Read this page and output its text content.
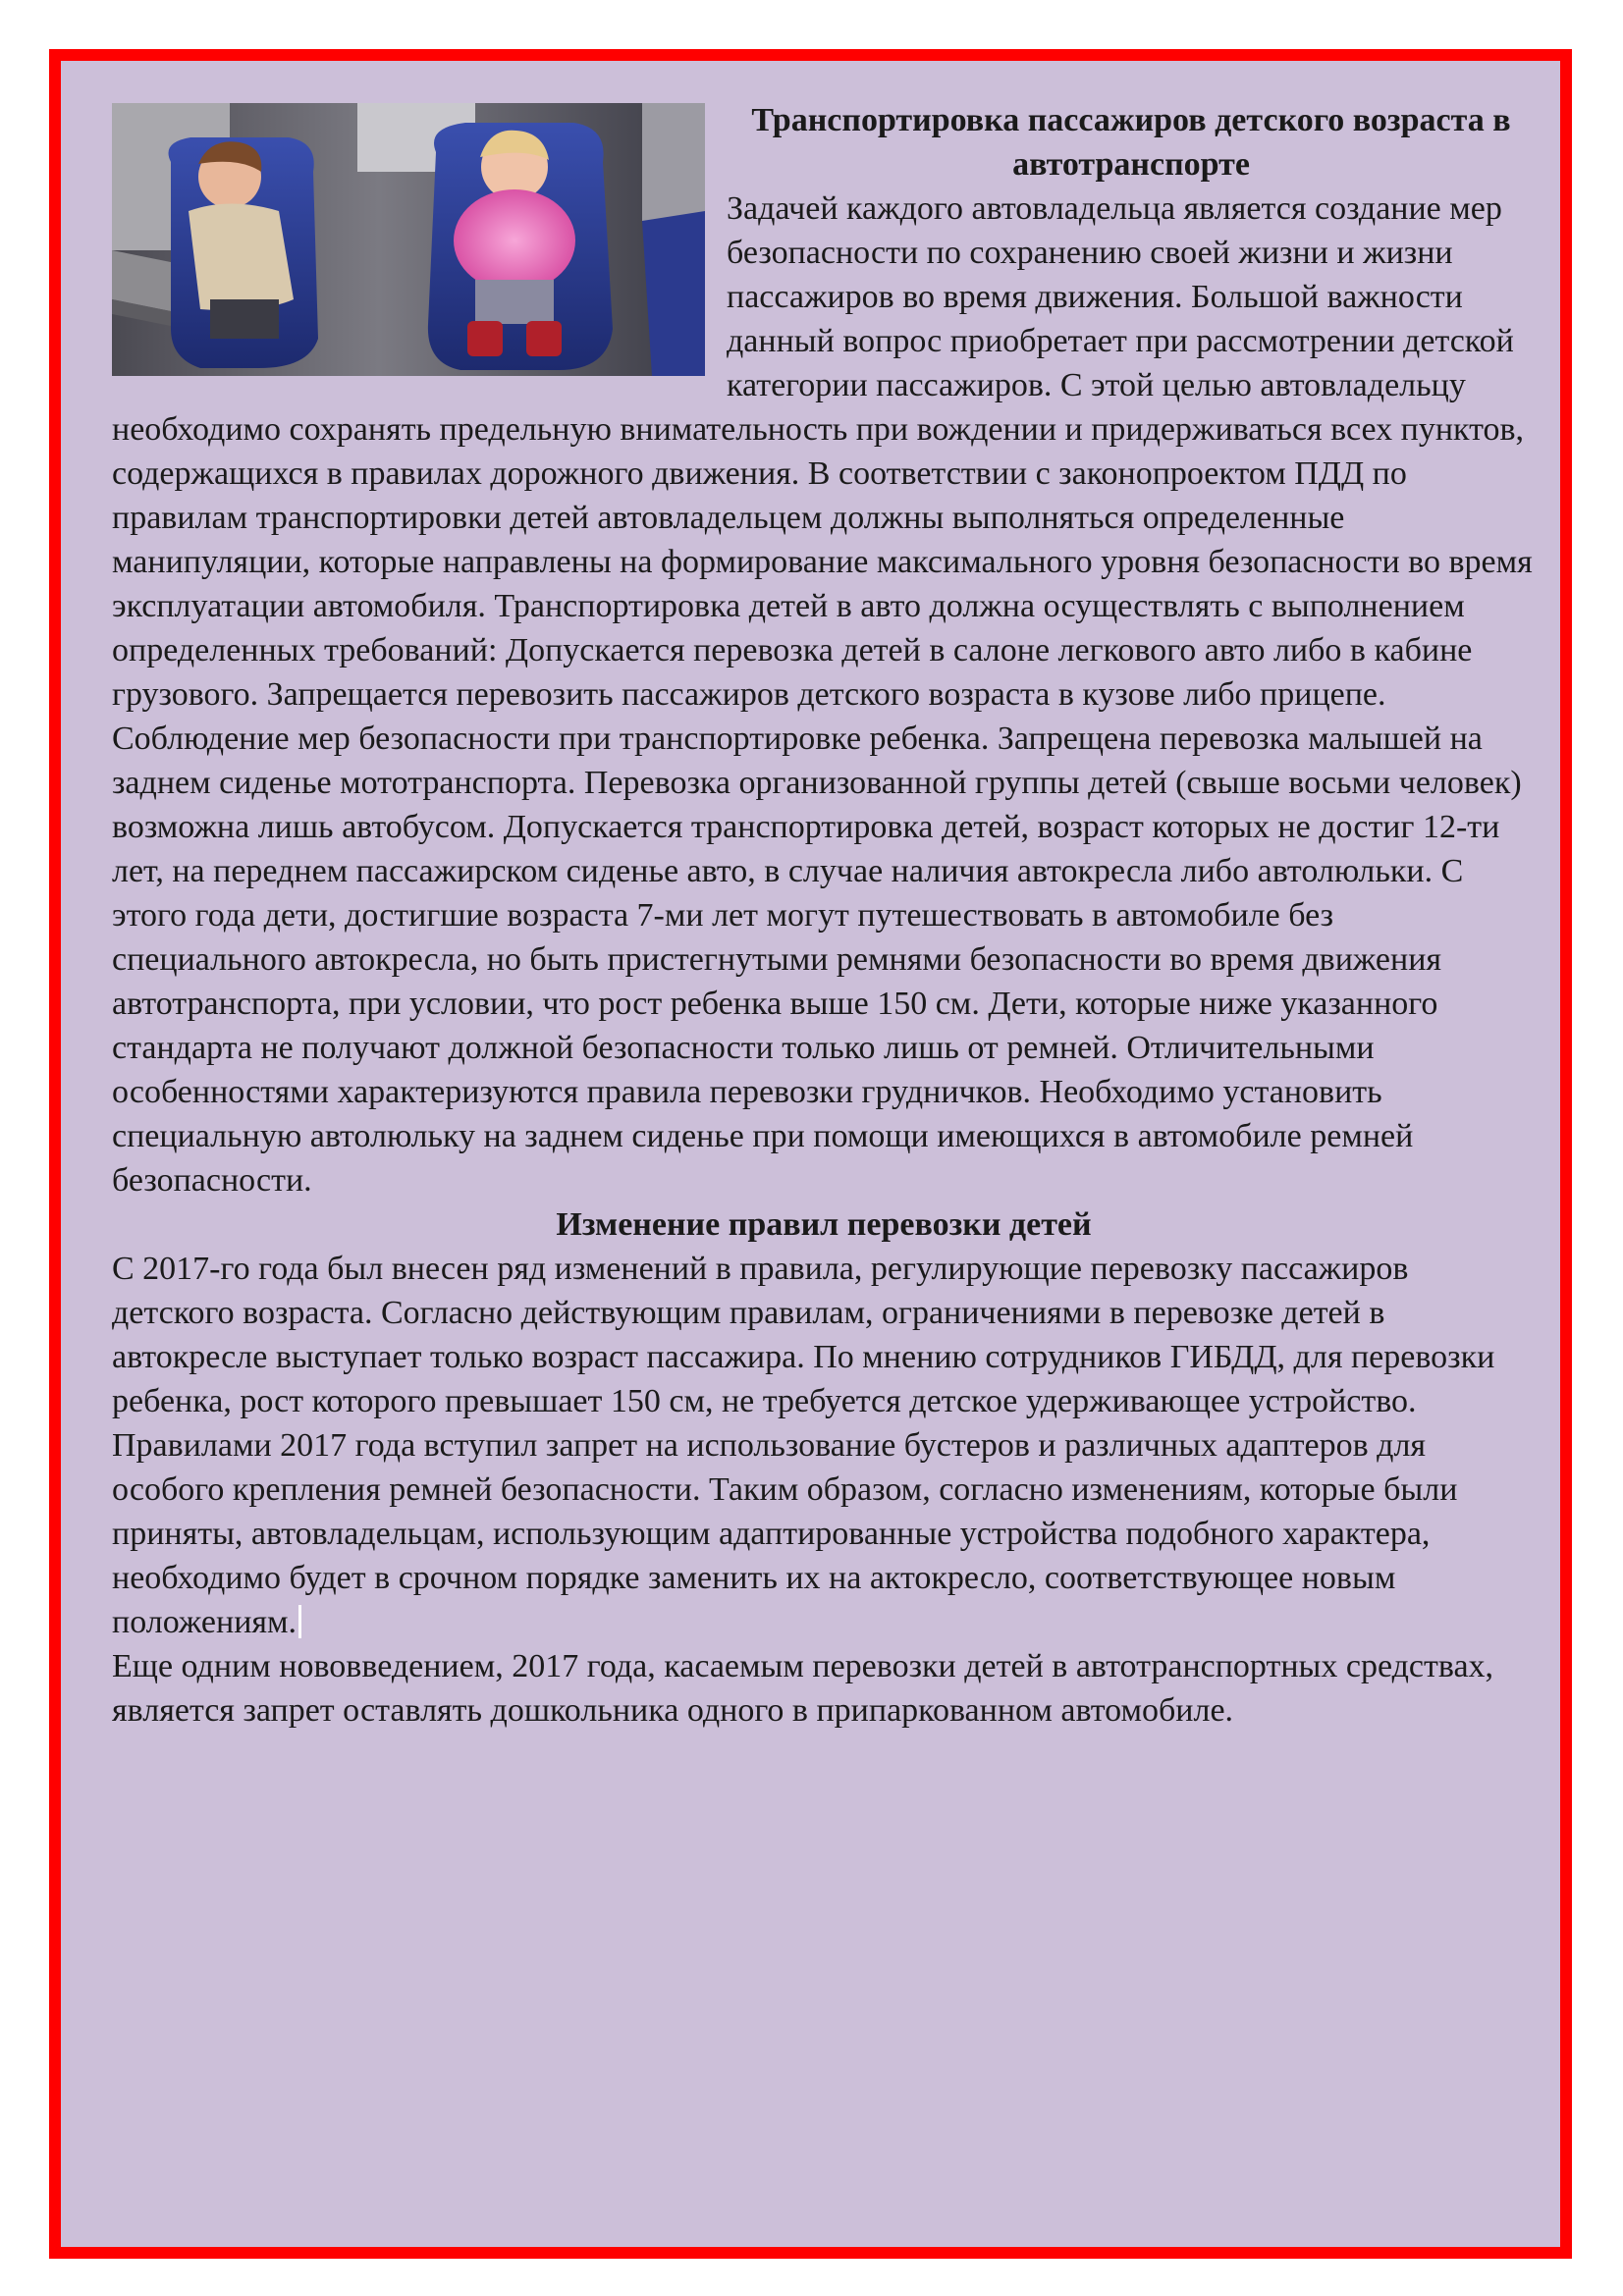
Транспортировка пассажиров детского возраста в автотранспорте

Задачей каждого автовладельца является создание мер безопасности по сохранению своей жизни и жизни пассажиров во время движения. Большой важности данный вопрос приобретает при рассмотрении детской категории пассажиров. С этой целью автовладельцу необходимо сохранять предельную внимательность при вождении и придерживаться всех пунктов, содержащихся в правилах дорожного движения. В соответствии с законопроектом ПДД по правилам транспортировки детей автовладельцем должны выполняться определенные манипуляции, которые направлены на формирование максимального уровня безопасности во время эксплуатации автомобиля. Транспортировка детей в авто должна осуществлять с выполнением определенных требований: Допускается перевозка детей в салоне легкового авто либо в кабине грузового. Запрещается перевозить пассажиров детского возраста в кузове либо прицепе. Соблюдение мер безопасности при транспортировке ребенка. Запрещена перевозка малышей на заднем сиденье мототранспорта. Перевозка организованной группы детей (свыше восьми человек) возможна лишь автобусом. Допускается транспортировка детей, возраст которых не достиг 12-ти лет, на переднем пассажирском сиденье авто, в случае наличия автокресла либо автолюльки. С этого года дети, достигшие возраста 7-ми лет могут путешествовать в автомобиле без специального автокресла, но быть пристегнутыми ремнями безопасности во время движения автотранспорта, при условии, что рост ребенка выше 150 см. Дети, которые ниже указанного стандарта не получают должной безопасности только лишь от ремней. Отличительными особенностями характеризуются правила перевозки грудничков. Необходимо установить специальную автолюльку на заднем сиденье при помощи имеющихся в автомобиле ремней безопасности.

Изменение правил перевозки детей

С 2017-го года был внесен ряд изменений в правила, регулирующие перевозку пассажиров детского возраста. Согласно действующим правилам, ограничениями в перевозке детей в автокресле выступает только возраст пассажира. По мнению сотрудников ГИБДД, для перевозки ребенка, рост которого превышает 150 см, не требуется детское удерживающее устройство. Правилами 2017 года вступил запрет на использование бустеров и различных адаптеров для особого крепления ремней безопасности. Таким образом, согласно изменениям, которые были приняты, автовладельцам, использующим адаптированные устройства подобного характера, необходимо будет в срочном порядке заменить их на актокресло, соответствующее новым положениям.

Еще одним нововведением, 2017 года, касаемым перевозки детей в автотранспортных средствах, является запрет оставлять дошкольника одного в припаркованном автомобиле.
